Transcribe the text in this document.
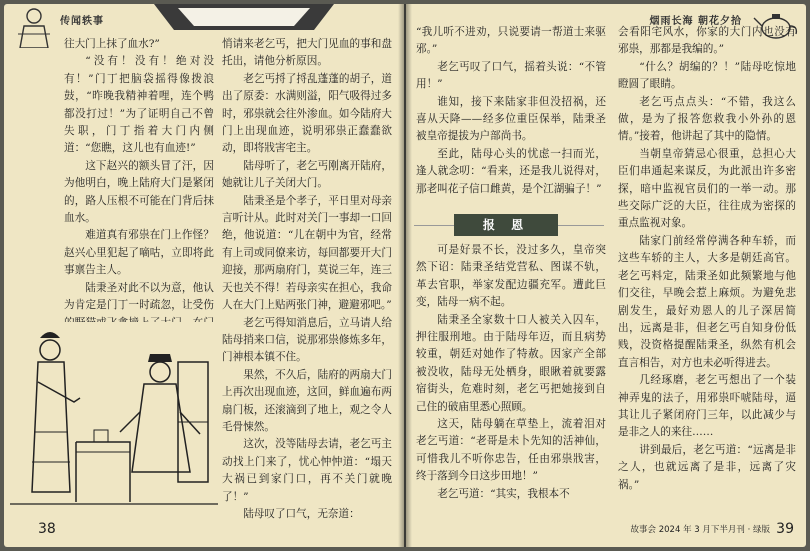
传闻轶事

往大门上抹了血水?”

“没有！没有！绝对没有！”门丁把脑袋摇得像拨浪鼓，“昨晚我精神着哩，连个鸭都没打过！”为了证明自己不曾失职，门丁指着大门内侧道：“您瞧，这儿也有血迹!”

这下赵兴的额头冒了汗，因为他明白，晚上陆府大门是紧闭的，路人压根不可能在门背后抹血水。

难道真有邪祟在门上作怪？赵兴心里犯起了嘀咕，立即将此事禀告主人。

陆秉圣对此不以为意，他认为肯定是门丁一时疏忽，让受伤

悄请来老乞丐，把大门见血的事和盘托出，请他分析原因。

老乞丐捋了捋乱蓬蓬的胡子，道出了原委：水满则溢，阳气吸得过多时，邪祟就会往外渗血。如今陆府大门上出现血迹，说明邪祟正蠢蠢欲动，即将戕害宅主。

陆母听了，老乞丐刚离开陆府，她就让儿子关闭大门。

陆秉圣是个孝子，平日里对母亲言听计从。此时对关门一事却一口回绝，他说道：“儿在朝中为官，经常有上司或同僚来访，每回都要开大门迎接，那两扇府门，莫说三年，连三天也关不得！若母亲实在担心，我命人在大门上贴两张门神，避避邪吧。”

老乞丐得知消息后，立马请人给陆母捎来口信，说那邪祟修炼多年，门神根本镇不住。

果然，不久后，陆府的两扇大门上再次出现血迹，这回，鲜血遍布两扇门板，还滚滴到了地上，观之令人毛骨悚然。

这次，没等陆母去请，老乞丐主动找上门来了，忧心忡忡道：“塌天大祸已到家门口，再不关门就晚了！”

陆母叹了口气，无奈道：

38
烟雨长海 朝花夕拾

“我儿听不进劝，只说要请一帮道士来驱邪。”

老乞丐叹了口气，摇着头说：“不管用！”

谁知，接下来陆家非但没招祸，还喜从天降——经多位重臣保举，陆秉圣被皇帝提拔为户部尚书。

至此，陆母心头的忧虑一扫而光，逢人就念叨：“看来，还是我儿说得对，那老叫花子信口雌黄，是个江湖骗子！”

报 恩

可是好景不长，没过多久，皇帝突然下诏：陆秉圣结党营私、图谋不轨，革去官职，举家发配边疆充军。遭此巨变，陆母一病不起。

陆秉圣全家数十口人被关入囚车，押往服刑地。由于陆母年迈，而且病势较重，朝廷对她作了特赦。因家产全部被没收，陆母无处栖身，眼瞅着就要露宿街头，危难时刻，老乞丐把她接到自己住的破庙里悉心照顾。

这天，陆母躺在草垫上，流着泪对老乞丐道：“老哥是未卜先知的活神仙，可惜我儿不听你忠告，任由邪祟戕害，终于落到今日这步田地！”

老乞丐道：“其实，我根本不

会看阳宅风水，你家的大门内也没有邪祟，那都是我编的。”

“什么？胡编的？！”陆母吃惊地瞪圆了眼睛。

老乞丐点点头：“不错，我这么做，是为了报答您救我小外孙的恩情。”接着，他讲起了其中的隐情。

当朝皇帝猜忌心很重，总担心大臣们串通起来谋反，为此派出许多密探，暗中监视官员们的一举一动。那些交际广泛的大臣，往往成为密探的重点监视对象。

陆家门前经常停满各种车轿，而这些车轿的主人，大多是朝廷高官。老乞丐料定，陆秉圣如此频繁地与他们交往，早晚会惹上麻烦。为避免悲剧发生，最好劝恩人的儿子深居简出，远离是非，但老乞丐自知身份低贱，没资格提醒陆秉圣，纵然有机会直言相告，对方也未必听得进去。

几经琢磨，老乞丐想出了一个装神弄鬼的法子，用邪祟吓唬陆母，逼其让儿子紧闭府门三年，以此减少与是非之人的来往……

讲到最后，老乞丐道：“远离是非之人，也就远离了是非，远离了灾祸。”

故事会 2024 年 3 月下半月刊 · 绿版 39
